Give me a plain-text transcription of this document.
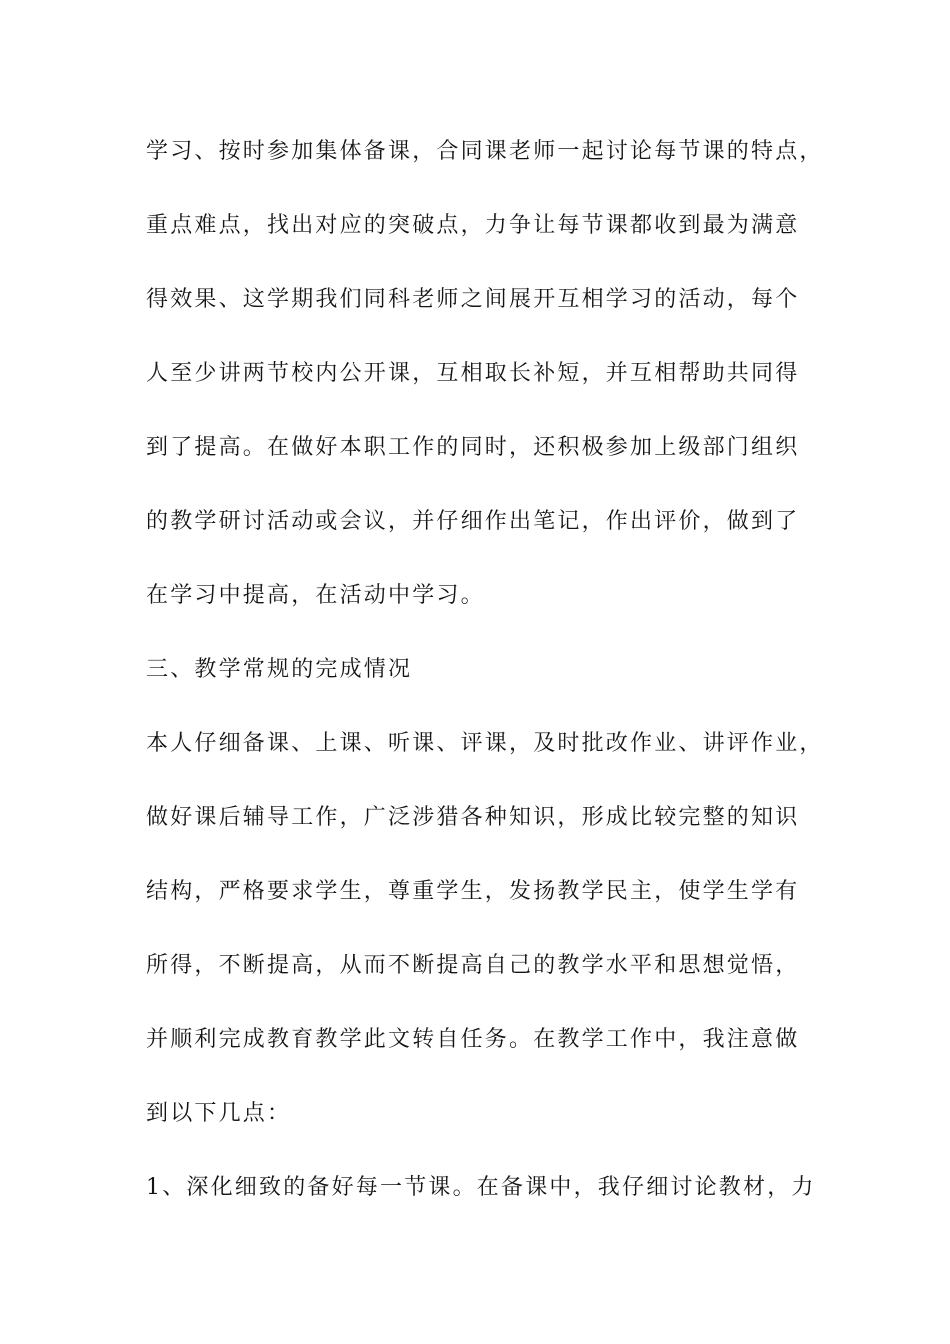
学习、按时参加集体备课，合同课老师一起讨论每节课的特点，

重点难点，找出对应的突破点，力争让每节课都收到最为满意

得效果、这学期我们同科老师之间展开互相学习的活动，每个

人至少讲两节校内公开课，互相取长补短，并互相帮助共同得

到了提高。在做好本职工作的同时，还积极参加上级部门组织

的教学研讨活动或会议，并仔细作出笔记，作出评价，做到了

在学习中提高，在活动中学习。

三、教学常规的完成情况

本人仔细备课、上课、听课、评课，及时批改作业、讲评作业，

做好课后辅导工作，广泛涉猎各种知识，形成比较完整的知识

结构，严格要求学生，尊重学生，发扬教学民主，使学生学有

所得，不断提高，从而不断提高自己的教学水平和思想觉悟，

并顺利完成教育教学此文转自任务。在教学工作中，我注意做

到以下几点：

1、深化细致的备好每一节课。在备课中，我仔细讨论教材，力
